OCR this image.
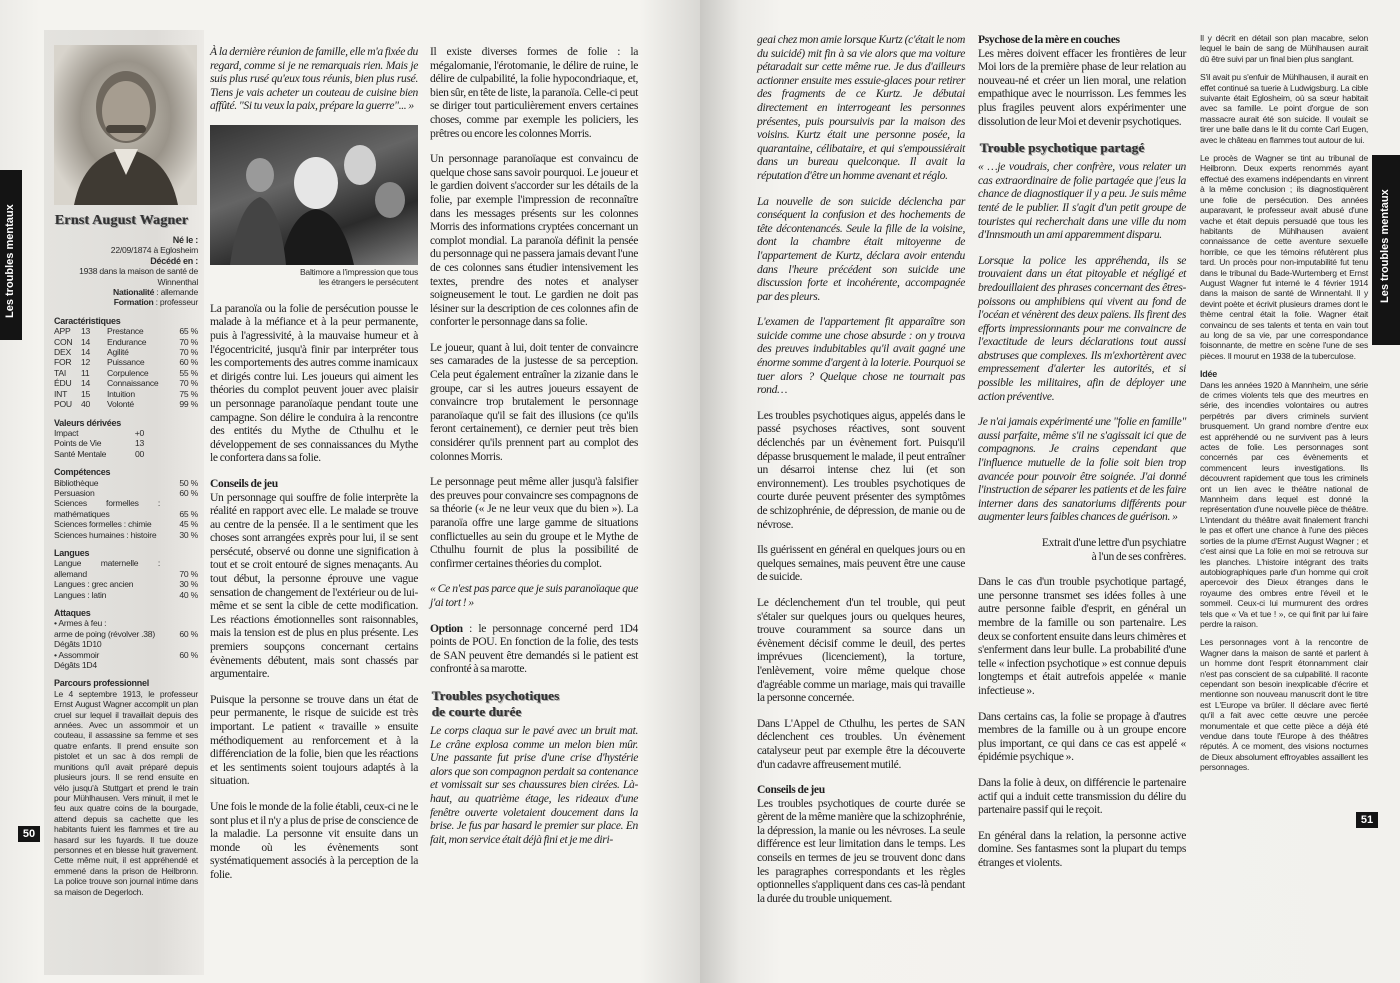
Les troubles mentaux
50
Ernst August Wagner
Né le :
22/09/1874 à Eglosheim
Décédé en :
1938 dans la maison de santé de Winnenthal
Nationalité : allemande
Formation : professeur
Caractéristiques
APP	13	Prestance	65 %
CON	14	Endurance	70 %
DEX	14	Agilité	70 %
FOR	12	Puissance	60 %
TAI	11	Corpulence	55 %
ÉDU	14	Connaissance	70 %
INT	15	Intuition	75 %
POU	40	Volonté	99 %
Valeurs dérivées
Impact	+0
Points de Vie	13
Santé Mentale	00
Compétences
Bibliothèque	50 %
Persuasion	60 %
Sciences formelles : mathématiques	65 %
Sciences formelles : chimie	45 %
Sciences humaines : histoire	30 %
Langues
Langue maternelle : allemand	70 %
Langues : grec ancien	30 %
Langues : latin	40 %
Attaques
• Armes à feu :
arme de poing (révolver .38)	60 %
Dégâts 1D10
• Assommoir	60 %
Dégâts 1D4
Parcours professionnel
Le 4 septembre 1913, le professeur Ernst August Wagner accomplit un plan cruel sur lequel il travaillait depuis des années. Avec un assommoir et un couteau, il assassine sa femme et ses quatre enfants. Il prend ensuite son pistolet et un sac à dos rempli de munitions qu'il avait préparé depuis plusieurs jours. Il se rend ensuite en vélo jusqu'à Stuttgart et prend le train pour Mühlhausen. Vers minuit, il met le feu aux quatre coins de la bourgade, attend depuis sa cachette que les habitants fuient les flammes et tire au hasard sur les fuyards. Il tue douze personnes et en blesse huit gravement. Cette même nuit, il est appréhendé et emmené dans la prison de Heilbronn. La police trouve son journal intime dans sa maison de Degerloch.

À la dernière réunion de famille, elle m'a fixée du regard, comme si je ne remarquais rien. Mais je suis plus rusé qu'eux tous réunis, bien plus rusé. Tiens je vais acheter un couteau de cuisine bien affûté. "Si tu veux la paix, prépare la guerre"... »

Baltimore a l'impression que tous les étrangers le persécutent

La paranoïa ou la folie de persécution pousse le malade à la méfiance et à la peur permanente, puis à l'agressivité, à la mauvaise humeur et à l'égocentricité, jusqu'à finir par interpréter tous les comportements des autres comme inamicaux et dirigés contre lui. Les joueurs qui aiment les théories du complot peuvent jouer avec plaisir un personnage paranoïaque pendant toute une campagne. Son délire le conduira à la rencontre des entités du Mythe de Cthulhu et le développement de ses connaissances du Mythe le confortera dans sa folie.

Conseils de jeu

Un personnage qui souffre de folie interprète la réalité en rapport avec elle. Le malade se trouve au centre de la pensée. Il a le sentiment que les choses sont arrangées exprès pour lui, il se sent persécuté, observé ou donne une signification à tout et se croit entouré de signes menaçants. Au tout début, la personne éprouve une vague sensation de changement de l'extérieur ou de lui-même et se sent la cible de cette modification. Les réactions émotionnelles sont raisonnables, mais la tension est de plus en plus présente. Les premiers soupçons concernant certains évènements débutent, mais sont chassés par argumentaire.

Puisque la personne se trouve dans un état de peur permanente, le risque de suicide est très important. Le patient « travaille » ensuite méthodiquement au renforcement et à la différenciation de la folie, bien que les réactions et les sentiments soient toujours adaptés à la situation.

Une fois le monde de la folie établi, ceux-ci ne le sont plus et il n'y a plus de prise de conscience de la maladie. La personne vit ensuite dans un monde où les évènements sont systématiquement associés à la perception de la folie.

Il existe diverses formes de folie : la mégalomanie, l'érotomanie, le délire de ruine, le délire de culpabilité, la folie hypocondriaque, et, bien sûr, en tête de liste, la paranoïa. Celle-ci peut se diriger tout particulièrement envers certaines choses, comme par exemple les policiers, les prêtres ou encore les colonnes Morris.

Un personnage paranoïaque est convaincu de quelque chose sans savoir pourquoi. Le joueur et le gardien doivent s'accorder sur les détails de la folie, par exemple l'impression de reconnaître dans les messages présents sur les colonnes Morris des informations cryptées concernant un complot mondial. La paranoïa définit la pensée du personnage qui ne passera jamais devant l'une de ces colonnes sans étudier intensivement les textes, prendre des notes et analyser soigneusement le tout. Le gardien ne doit pas lésiner sur la description de ces colonnes afin de conforter le personnage dans sa folie.

Le joueur, quant à lui, doit tenter de convaincre ses camarades de la justesse de sa perception. Cela peut également entraîner la zizanie dans le groupe, car si les autres joueurs essayent de convaincre trop brutalement le personnage paranoïaque qu'il se fait des illusions (ce qu'ils feront certainement), ce dernier peut très bien considérer qu'ils prennent part au complot des colonnes Morris.

Le personnage peut même aller jusqu'à falsifier des preuves pour convaincre ses compagnons de sa théorie (« Je ne leur veux que du bien »). La paranoïa offre une large gamme de situations conflictuelles au sein du groupe et le Mythe de Cthulhu fournit de plus la possibilité de confirmer certaines théories du complot.

« Ce n'est pas parce que je suis paranoïaque que j'ai tort ! »

Option : le personnage concerné perd 1D4 points de POU. En fonction de la folie, des tests de SAN peuvent être demandés si le patient est confronté à sa marotte.

Troubles psychotiques
de courte durée

Le corps claqua sur le pavé avec un bruit mat. Le crâne explosa comme un melon bien mûr. Une passante fut prise d'une crise d'hystérie alors que son compagnon perdait sa contenance et vomissait sur ses chaussures bien cirées. Là-haut, au quatrième étage, les rideaux d'une fenêtre ouverte voletaient doucement dans la brise. Je fus par hasard le premier sur place. En fait, mon service était déjà fini et je me diri-

Les troubles mentaux
51

geai chez mon amie lorsque Kurtz (c'était le nom du suicidé) mit fin à sa vie alors que ma voiture pétaradait sur cette même rue. Je dus d'ailleurs actionner ensuite mes essuie-glaces pour retirer des fragments de ce Kurtz. Je débutai directement en interrogeant les personnes présentes, puis poursuivis par la maison des voisins. Kurtz était une personne posée, la quarantaine, célibataire, et qui s'empoussiérait dans un bureau quelconque. Il avait la réputation d'être un homme avenant et réglo.

La nouvelle de son suicide déclencha par conséquent la confusion et des hochements de tête décontenancés. Seule la fille de la voisine, dont la chambre était mitoyenne de l'appartement de Kurtz, déclara avoir entendu dans l'heure précédent son suicide une discussion forte et incohérente, accompagnée par des pleurs.

L'examen de l'appartement fit apparaître son suicide comme une chose absurde : on y trouva des preuves indubitables qu'il avait gagné une énorme somme d'argent à la loterie. Pourquoi se tuer alors ? Quelque chose ne tournait pas rond…

Les troubles psychotiques aigus, appelés dans le passé psychoses réactives, sont souvent déclenchés par un évènement fort. Puisqu'il dépasse brusquement le malade, il peut entraîner un désarroi intense chez lui (et son environnement). Les troubles psychotiques de courte durée peuvent présenter des symptômes de schizophrénie, de dépression, de manie ou de névrose.

Ils guérissent en général en quelques jours ou en quelques semaines, mais peuvent être une cause de suicide.

Le déclenchement d'un tel trouble, qui peut s'étaler sur quelques jours ou quelques heures, trouve couramment sa source dans un évènement décisif comme le deuil, des pertes imprévues (licenciement), la torture, l'enlèvement, voire même quelque chose d'agréable comme un mariage, mais qui travaille la personne concernée.

Dans L'Appel de Cthulhu, les pertes de SAN déclenchent ces troubles. Un évènement catalyseur peut par exemple être la découverte d'un cadavre affreusement mutilé.

Conseils de jeu

Les troubles psychotiques de courte durée se gèrent de la même manière que la schizophrénie, la dépression, la manie ou les névroses. La seule différence est leur limitation dans le temps. Les conseils en termes de jeu se trouvent donc dans les paragraphes correspondants et les règles optionnelles s'appliquent dans ces cas-là pendant la durée du trouble uniquement.

Psychose de la mère en couches

Les mères doivent effacer les frontières de leur Moi lors de la première phase de leur relation au nouveau-né et créer un lien moral, une relation empathique avec le nourrisson. Les femmes les plus fragiles peuvent alors expérimenter une dissolution de leur Moi et devenir psychotiques.

Trouble psychotique partagé

« …je voudrais, cher confrère, vous relater un cas extraordinaire de folie partagée que j'eus la chance de diagnostiquer il y a peu. Je suis même tenté de le publier. Il s'agit d'un petit groupe de touristes qui recherchait dans une ville du nom d'Innsmouth un ami apparemment disparu.

Lorsque la police les appréhenda, ils se trouvaient dans un état pitoyable et négligé et bredouillaient des phrases concernant des êtres-poissons ou amphibiens qui vivent au fond de l'océan et vénèrent des deux païens. Ils firent des efforts impressionnants pour me convaincre de l'exactitude de leurs déclarations tout aussi abstruses que complexes. Ils m'exhortèrent avec empressement d'alerter les autorités, et si possible les militaires, afin de déployer une action préventive.

Je n'ai jamais expérimenté une "folie en famille" aussi parfaite, même s'il ne s'agissait ici que de compagnons. Je crains cependant que l'influence mutuelle de la folie soit bien trop avancée pour pouvoir être soignée. J'ai donné l'instruction de séparer les patients et de les faire interner dans des sanatoriums différents pour augmenter leurs faibles chances de guérison. »

Extrait d'une lettre d'un psychiatre
à l'un de ses confrères.

Dans le cas d'un trouble psychotique partagé, une personne transmet ses idées folles à une autre personne faible d'esprit, en général un membre de la famille ou son partenaire. Les deux se confortent ensuite dans leurs chimères et s'enferment dans leur bulle. La probabilité d'une telle « infection psychotique » est connue depuis longtemps et était autrefois appelée « manie infectieuse ».

Dans certains cas, la folie se propage à d'autres membres de la famille ou à un groupe encore plus important, ce qui dans ce cas est appelé « épidémie psychique ».

Dans la folie à deux, on différencie le partenaire actif qui a induit cette transmission du délire du partenaire passif qui le reçoit.

En général dans la relation, la personne active domine. Ses fantasmes sont la plupart du temps étranges et violents.

Il y décrit en détail son plan macabre, selon lequel le bain de sang de Mühlhausen aurait dû être suivi par un final bien plus sanglant.

S'il avait pu s'enfuir de Mühlhausen, il aurait en effet continué sa tuerie à Ludwigsburg. La cible suivante était Eglosheim, où sa sœur habitait avec sa famille. Le point d'orgue de son massacre aurait été son suicide. Il voulait se tirer une balle dans le lit du comte Carl Eugen, avec le château en flammes tout autour de lui.

Le procès de Wagner se tint au tribunal de Heilbronn. Deux experts renommés ayant effectué des examens indépendants en vinrent à la même conclusion ; ils diagnostiquèrent une folie de persécution. Des années auparavant, le professeur avait abusé d'une vache et était depuis persuadé que tous les habitants de Mühlhausen avaient connaissance de cette aventure sexuelle horrible, ce que les témoins réfutèrent plus tard. Un procès pour non-imputabilité fut tenu dans le tribunal du Bade-Wurtemberg et Ernst August Wagner fut interné le 4 février 1914 dans la maison de santé de Winnentahl. Il y devint poète et écrivit plusieurs drames dont le thème central était la folie. Wagner était convaincu de ses talents et tenta en vain tout au long de sa vie, par une correspondance foisonnante, de mettre en scène l'une de ses pièces. Il mourut en 1938 de la tuberculose.

Idée

Dans les années 1920 à Mannheim, une série de crimes violents tels que des meurtres en série, des incendies volontaires ou autres perpétrés par divers criminels survient brusquement. Un grand nombre d'entre eux est appréhendé ou ne survivent pas à leurs actes de folie. Les personnages sont concernés par ces évènements et commencent leurs investigations. Ils découvrent rapidement que tous les criminels ont un lien avec le théâtre national de Mannheim dans lequel est donné la représentation d'une nouvelle pièce de théâtre. L'intendant du théâtre avait finalement franchi le pas et offert une chance à l'une des pièces sorties de la plume d'Ernst August Wagner ; et c'est ainsi que La folie en moi se retrouva sur les planches. L'histoire intégrant des traits autobiographiques parle d'un homme qui croit apercevoir des Dieux étranges dans le royaume des ombres entre l'éveil et le sommeil. Ceux-ci lui murmurent des ordres tels que « Va et tue ! », ce qui finit par lui faire perdre la raison.

Les personnages vont à la rencontre de Wagner dans la maison de santé et parlent à un homme dont l'esprit étonnamment clair n'est pas conscient de sa culpabilité. Il raconte cependant son besoin inexplicable d'écrire et mentionne son nouveau manuscrit dont le titre est L'Europe va brûler. Il déclare avec fierté qu'il a fait avec cette œuvre une percée monumentale et que cette pièce a déjà été vendue dans toute l'Europe à des théâtres réputés. À ce moment, des visions nocturnes de Dieux absolument effroyables assaillent les personnages.
